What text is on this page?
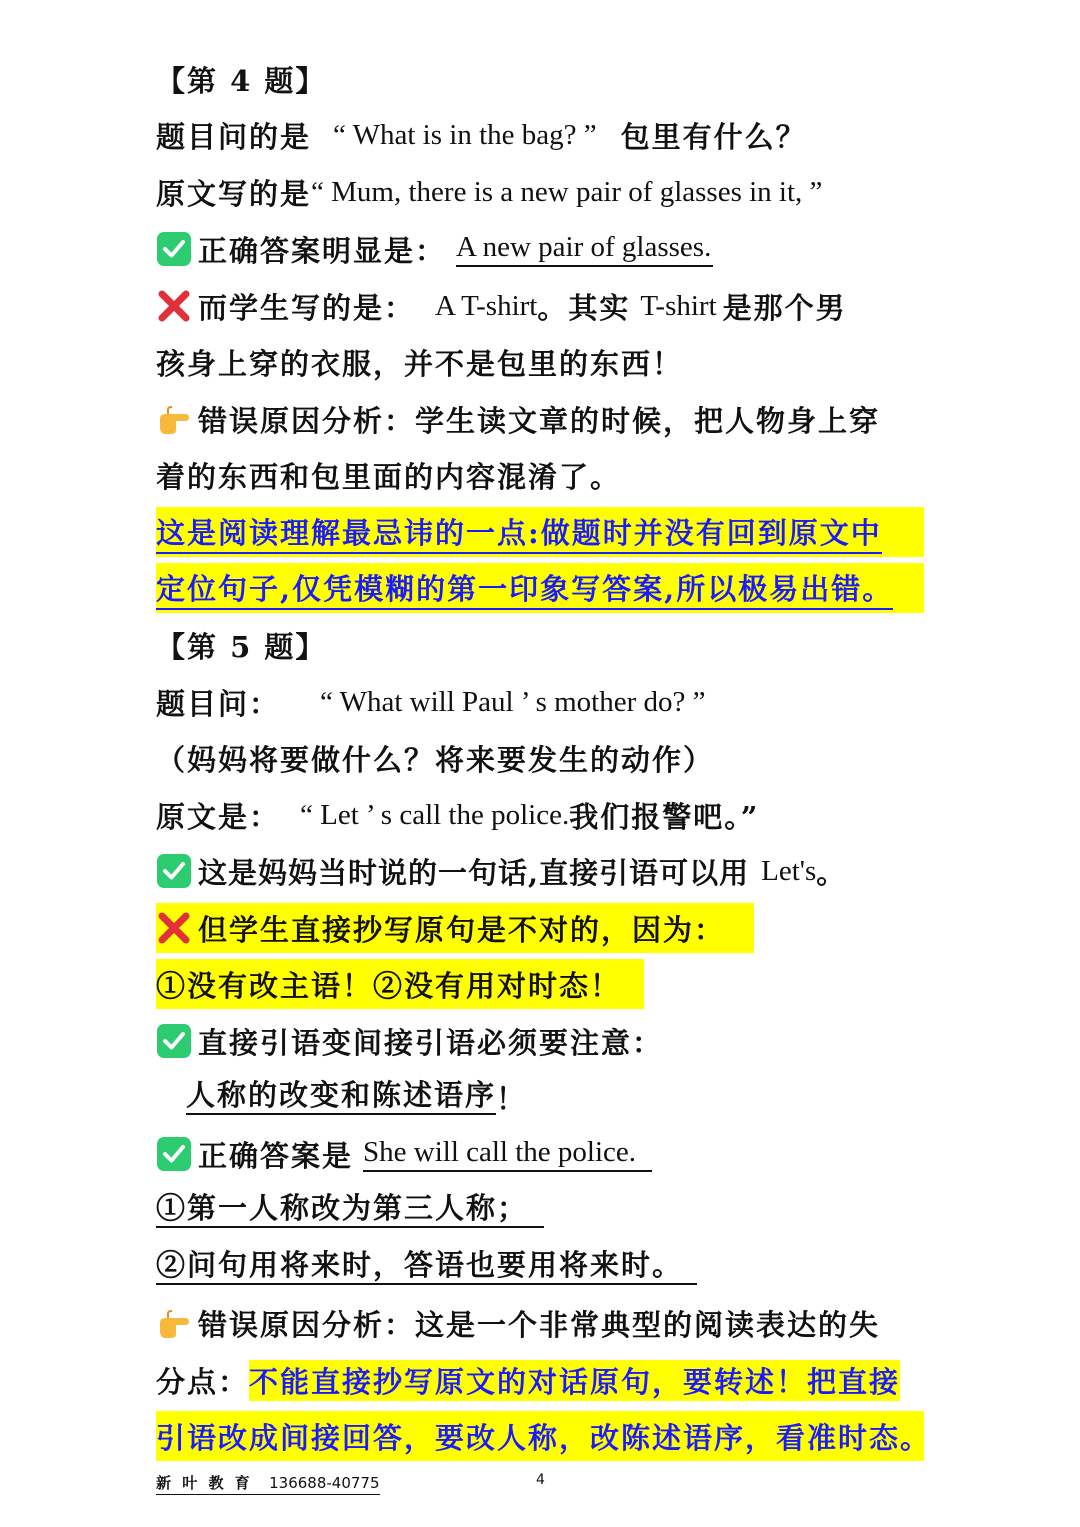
【第 4 题】
题目问的是 “ What is in the bag? ” 包里有什么？
原文写的是 “ Mum, there is a new pair of glasses in it, ”
正确答案明显是： A new pair of glasses.
而学生写的是： A T-shirt 。其实 T-shirt 是那个男
孩身上穿的衣服，并不是包里的东西！
错误原因分析：学生读文章的时候，把人物身上穿
着的东西和包里面的内容混淆了。
这是阅读理解最忌讳的一点:做题时并没有回到原文中
定位句子,仅凭模糊的第一印象写答案,所以极易出错。
【第 5 题】
题目问： “ What will Paul ’ s mother do? ”
（妈妈将要做什么？将来要发生的动作）
原文是： “ Let ’ s call the police. 我们报警吧。”
这是妈妈当时说的一句话,直接引语可以用 Let's 。
但学生直接抄写原句是不对的，因为：
①没有改主语！②没有用对时态！
直接引语变间接引语必须要注意：
人称的改变和陈述语序 ！
正确答案是 She will call the police.
①第一人称改为第三人称；
②问句用将来时，答语也要用将来时。
错误原因分析：这是一个非常典型的阅读表达的失
分点： 不能直接抄写原文的对话原句，要转述！把直接
引语改成间接回答，要改人称，改陈述语序，看准时态。
新 叶 教 育 136688-40775	4
